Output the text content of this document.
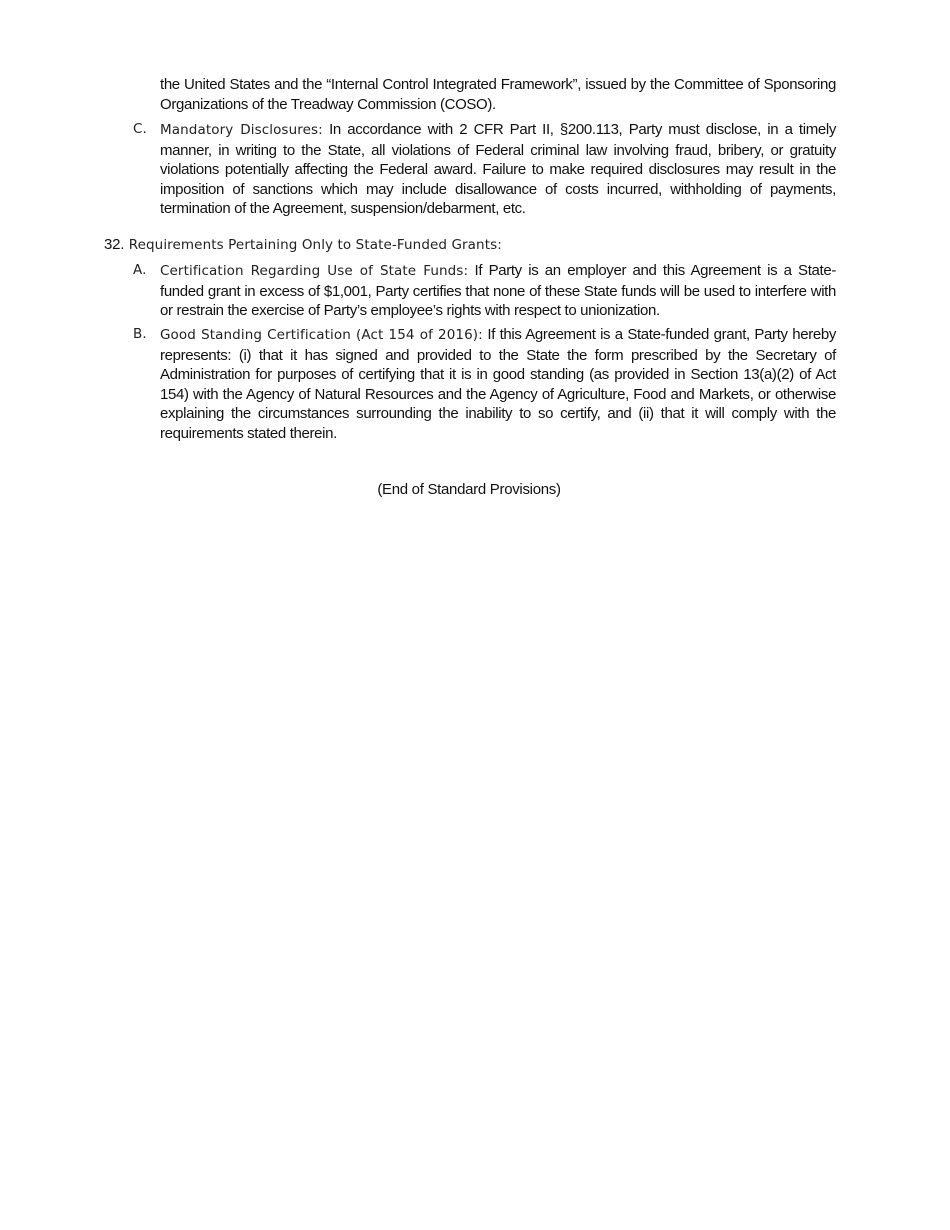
the United States and the “Internal Control Integrated Framework”, issued by the Committee of Sponsoring Organizations of the Treadway Commission (COSO).
C. Mandatory Disclosures: In accordance with 2 CFR Part II, §200.113, Party must disclose, in a timely manner, in writing to the State, all violations of Federal criminal law involving fraud, bribery, or gratuity violations potentially affecting the Federal award. Failure to make required disclosures may result in the imposition of sanctions which may include disallowance of costs incurred, withholding of payments, termination of the Agreement, suspension/debarment, etc.
32. Requirements Pertaining Only to State-Funded Grants:
A.	Certification Regarding Use of State Funds: If Party is an employer and this Agreement is a State-funded grant in excess of $1,001, Party certifies that none of these State funds will be used to interfere with or restrain the exercise of Party’s employee’s rights with respect to unionization.
B. Good Standing Certification (Act 154 of 2016): If this Agreement is a State-funded grant, Party hereby represents: (i) that it has signed and provided to the State the form prescribed by the Secretary of Administration for purposes of certifying that it is in good standing (as provided in Section 13(a)(2) of Act 154) with the Agency of Natural Resources and the Agency of Agriculture, Food and Markets, or otherwise explaining the circumstances surrounding the inability to so certify, and (ii) that it will comply with the requirements stated therein.
(End of Standard Provisions)
